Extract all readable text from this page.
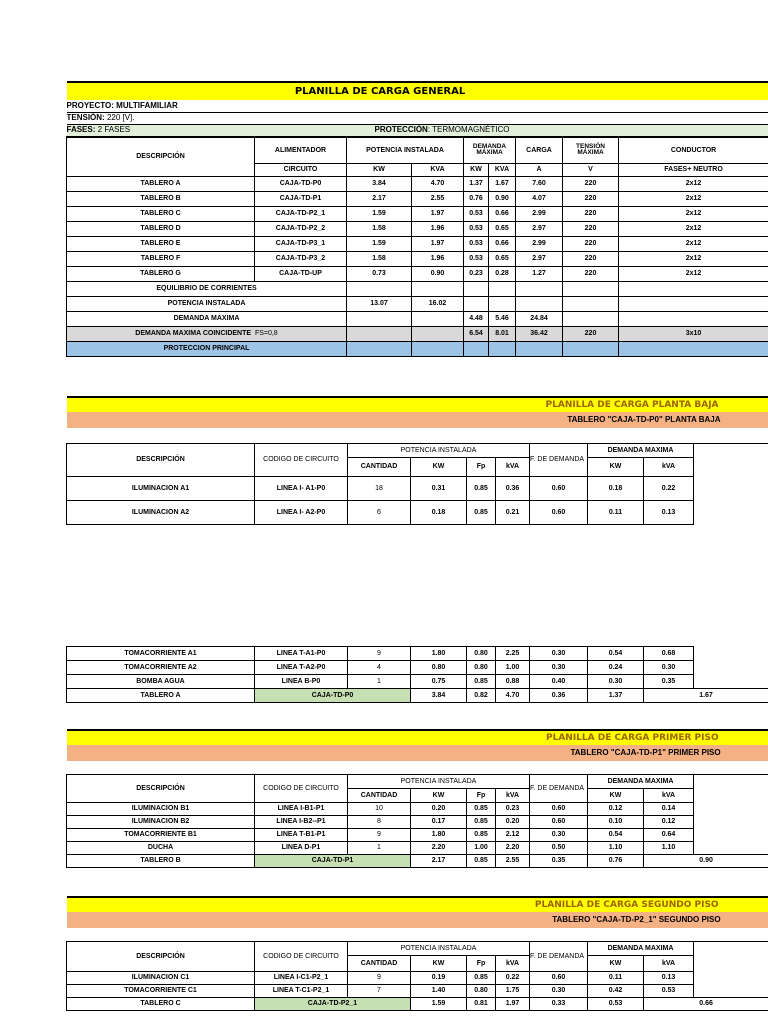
PLANILLA DE CARGA GENERAL									
PROYECTO: MULTIFAMILIAR									
TENSIÓN: 220 [V].									
FASES: 2 FASES		PROTECCIÓN: TERMOMAGNÉTICO							
DESCRIPCIÓN	ALIMENTADOR	POTENCIA INSTALADA		DEMANDA MÁXIMA		CARGA	TENSIÓN MÁXIMA	CONDUCTOR	
	CIRCUITO	KW	KVA	KW	KVA	A	V	FASES+ NEUTRO	
TABLERO A	CAJA-TD-P0	3.84	4.70	1.37	1.67	7.60	220	2x12	
TABLERO B	CAJA-TD-P1	2.17	2.55	0.76	0.90	4.07	220	2x12	
TABLERO C	CAJA-TD-P2_1	1.59	1.97	0.53	0.66	2.99	220	2x12	
TABLERO D	CAJA-TD-P2_2	1.58	1.96	0.53	0.65	2.97	220	2x12	
TABLERO E	CAJA-TD-P3_1	1.59	1.97	0.53	0.66	2.99	220	2x12	
TABLERO F	CAJA-TD-P3_2	1.58	1.96	0.53	0.65	2.97	220	2x12	
TABLERO G	CAJA-TD-UP	0.73	0.90	0.23	0.28	1.27	220	2x12	
EQUILIBRIO DE CORRIENTES									
POTENCIA INSTALADA		13.07	16.02						
DEMANDA MAXIMA				4.48	5.46	24.84			
DEMANDA MAXIMA COINCIDENTE FS=0,8				6.54	8.01	36.42	220	3x10	
PROTECCION PRINCIPAL									
PLANILLA DE CARGA PLANTA BAJA									
TABLERO "CAJA-TD-P0" PLANTA BAJA									

DESCRIPCIÓN	CODIGO DE CIRCUITO	POTENCIA INSTALADA				F. DE DEMANDA	DEMANDA MAXIMA		
		CANTIDAD	KW	Fp	kVA		KW	kVA	
ILUMINACION A1	LINEA I- A1-P0	18	0.31	0.85	0.36	0.60	0.18	0.22	
ILUMINACION A2	LINEA I- A2-P0	6	0.18	0.85	0.21	0.60	0.11	0.13	
TOMACORRIENTE A1	LINEA T-A1-P0	9	1.80	0.80	2.25	0.30	0.54	0.68	
TOMACORRIENTE A2	LINEA T-A2-P0	4	0.80	0.80	1.00	0.30	0.24	0.30	
BOMBA AGUA	LINEA B-P0	1	0.75	0.85	0.88	0.40	0.30	0.35	
TABLERO A	CAJA-TD-P0		3.84	0.82	4.70	0.36	1.37	1.67	
PLANILLA DE CARGA PRIMER PISO									
TABLERO "CAJA-TD-P1" PRIMER PISO									

DESCRIPCIÓN	CODIGO DE CIRCUITO	POTENCIA INSTALADA				F. DE DEMANDA	DEMANDA MAXIMA		
		CANTIDAD	KW	Fp	kVA		KW	kVA	
ILUMINACION B1	LINEA I-B1-P1	10	0.20	0.85	0.23	0.60	0.12	0.14	
ILUMINACION B2	LINEA I-B2--P1	8	0.17	0.85	0.20	0.60	0.10	0.12	
TOMACORRIENTE B1	LINEA T-B1-P1	9	1.80	0.85	2.12	0.30	0.54	0.64	
DUCHA	LINEA D-P1	1	2.20	1.00	2.20	0.50	1.10	1.10	
TABLERO B	CAJA-TD-P1		2.17	0.85	2.55	0.35	0.76	0.90	
PLANILLA DE CARGA SEGUNDO PISO									
TABLERO "CAJA-TD-P2_1" SEGUNDO PISO									

DESCRIPCIÓN	CODIGO DE CIRCUITO	POTENCIA INSTALADA				F. DE DEMANDA	DEMANDA MAXIMA		
		CANTIDAD	KW	Fp	kVA		KW	kVA	
ILUMINACION C1	LINEA I-C1-P2_1	9	0.19	0.85	0.22	0.60	0.11	0.13	
TOMACORRIENTE C1	LINEA T-C1-P2_1	7	1.40	0.80	1.75	0.30	0.42	0.53	
TABLERO C	CAJA-TD-P2_1		1.59	0.81	1.97	0.33	0.53	0.66	
